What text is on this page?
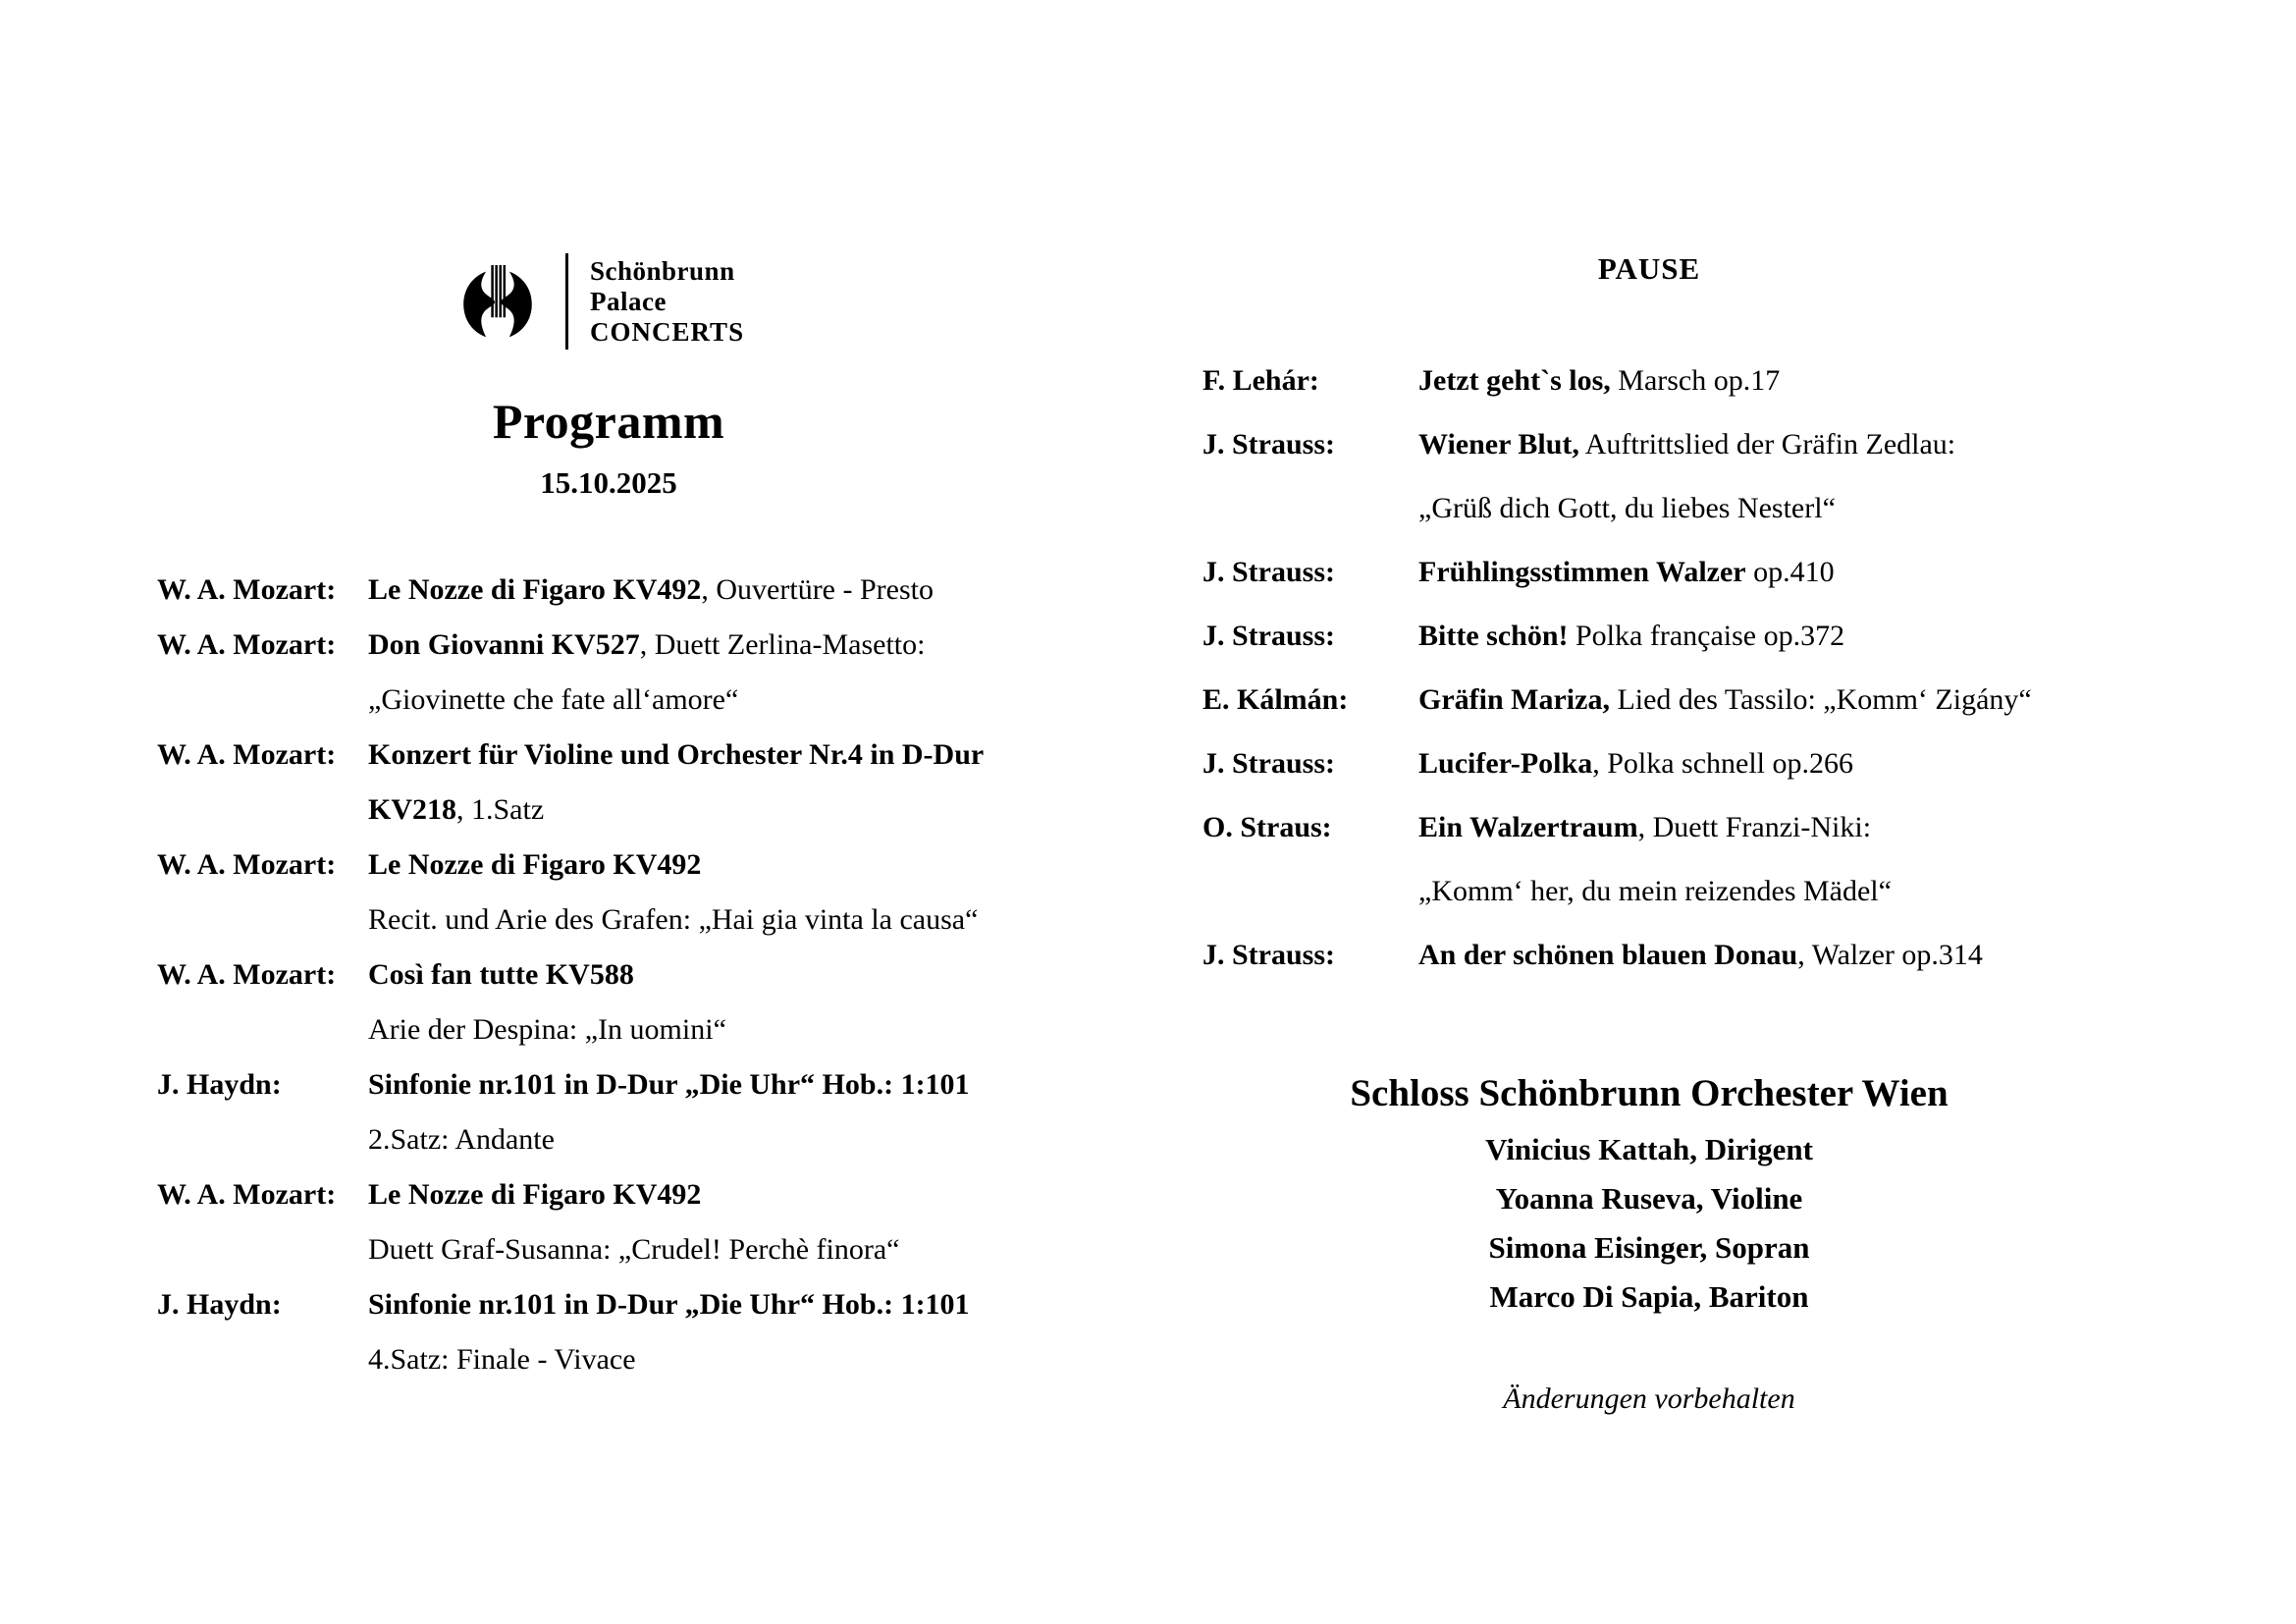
Schönbrunn
Palace
CONCERTS
Programm
15.10.2025
W. A. Mozart:	Le Nozze di Figaro KV492, Ouvertüre - Presto
W. A. Mozart:	Don Giovanni KV527, Duett Zerlina-Masetto:
„Giovinette che fate all‘amore“
W. A. Mozart:	Konzert für Violine und Orchester Nr.4 in D-Dur
KV218, 1.Satz
W. A. Mozart:	Le Nozze di Figaro KV492
Recit. und Arie des Grafen: „Hai gia vinta la causa“
W. A. Mozart:	Così fan tutte KV588
Arie der Despina: „In uomini“
J. Haydn:	Sinfonie nr.101 in D-Dur „Die Uhr“ Hob.: 1:101
2.Satz: Andante
W. A. Mozart:	Le Nozze di Figaro KV492
Duett Graf-Susanna: „Crudel! Perchè finora“
J. Haydn:	Sinfonie nr.101 in D-Dur „Die Uhr“ Hob.: 1:101
4.Satz: Finale - Vivace
PAUSE
F. Lehár:	Jetzt geht`s los, Marsch op.17
J. Strauss:	Wiener Blut, Auftrittslied der Gräfin Zedlau:
„Grüß dich Gott, du liebes Nesterl“
J. Strauss:	Frühlingsstimmen Walzer op.410
J. Strauss:	Bitte schön! Polka française op.372
E. Kálmán:	Gräfin Mariza, Lied des Tassilo: „Komm‘ Zigány“
J. Strauss:	Lucifer-Polka, Polka schnell op.266
O. Straus:	Ein Walzertraum, Duett Franzi-Niki:
„Komm‘ her, du mein reizendes Mädel“
J. Strauss:	An der schönen blauen Donau, Walzer op.314
Schloss Schönbrunn Orchester Wien
Vinicius Kattah, Dirigent
Yoanna Ruseva, Violine
Simona Eisinger, Sopran
Marco Di Sapia, Bariton
Änderungen vorbehalten
